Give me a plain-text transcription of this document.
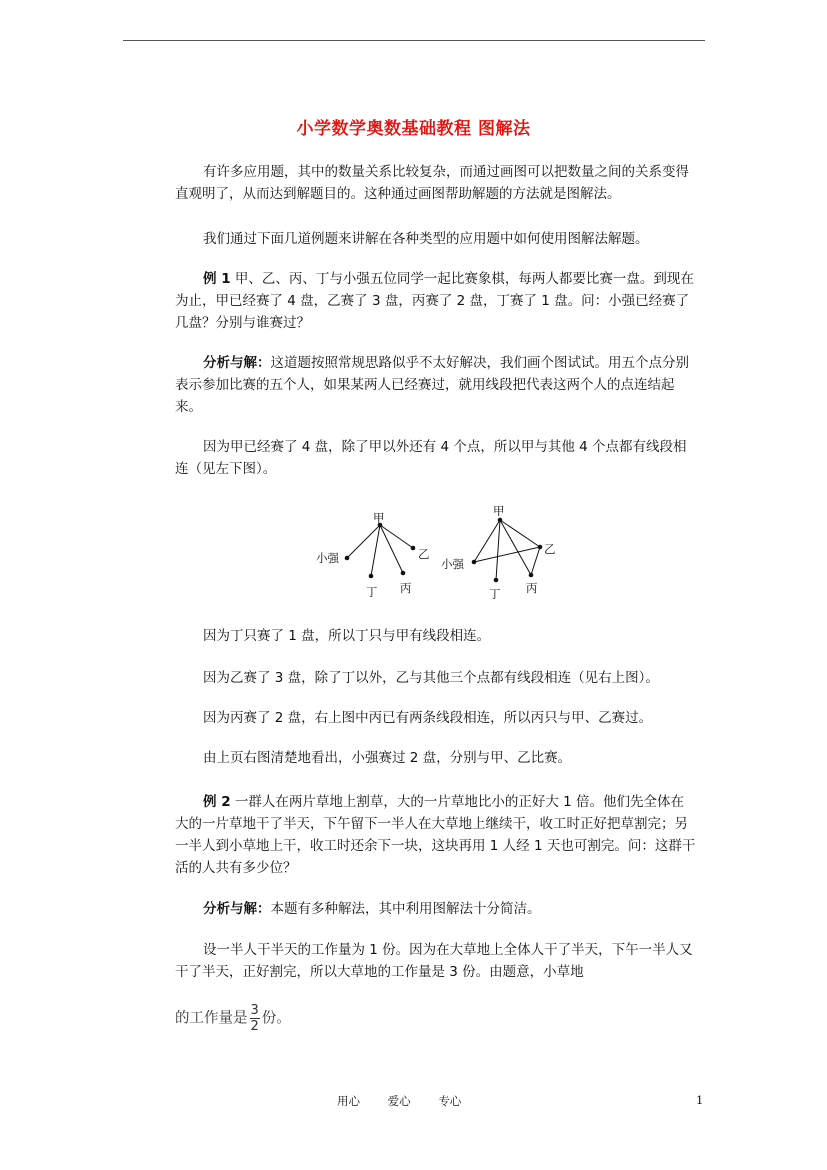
小学数学奥数基础教程 图解法

有许多应用题，其中的数量关系比较复杂，而通过画图可以把数量之间的关系变得直观明了，从而达到解题目的。这种通过画图帮助解题的方法就是图解法。

我们通过下面几道例题来讲解在各种类型的应用题中如何使用图解法解题。

例 1 甲、乙、丙、丁与小强五位同学一起比赛象棋，每两人都要比赛一盘。到现在为止，甲已经赛了 4 盘，乙赛了 3 盘，丙赛了 2 盘，丁赛了 1 盘。问：小强已经赛了几盘？分别与谁赛过？

分析与解：这道题按照常规思路似乎不太好解决，我们画个图试试。用五个点分别表示参加比赛的五个人，如果某两人已经赛过，就用线段把代表这两个人的点连结起来。

因为甲已经赛了 4 盘，除了甲以外还有 4 个点，所以甲与其他 4 个点都有线段相连（见左下图）。

甲
乙
丙
丁
小强
甲
乙
丙
丁
小强

因为丁只赛了 1 盘，所以丁只与甲有线段相连。

因为乙赛了 3 盘，除了丁以外，乙与其他三个点都有线段相连（见右上图）。

因为丙赛了 2 盘，右上图中丙已有两条线段相连，所以丙只与甲、乙赛过。

由上页右图清楚地看出，小强赛过 2 盘，分别与甲、乙比赛。

例 2 一群人在两片草地上割草，大的一片草地比小的正好大 1 倍。他们先全体在大的一片草地干了半天，下午留下一半人在大草地上继续干，收工时正好把草割完；另一半人到小草地上干，收工时还余下一块，这块再用 1 人经 1 天也可割完。问：这群干活的人共有多少位？

分析与解：本题有多种解法，其中利用图解法十分简洁。

设一半人干半天的工作量为 1 份。因为在大草地上全体人干了半天，下午一半人又干了半天，正好割完，所以大草地的工作量是 3 份。由题意，小草地

的工作量是 $\frac{3}{2}$ 份。
用心 爱心 专心	1
